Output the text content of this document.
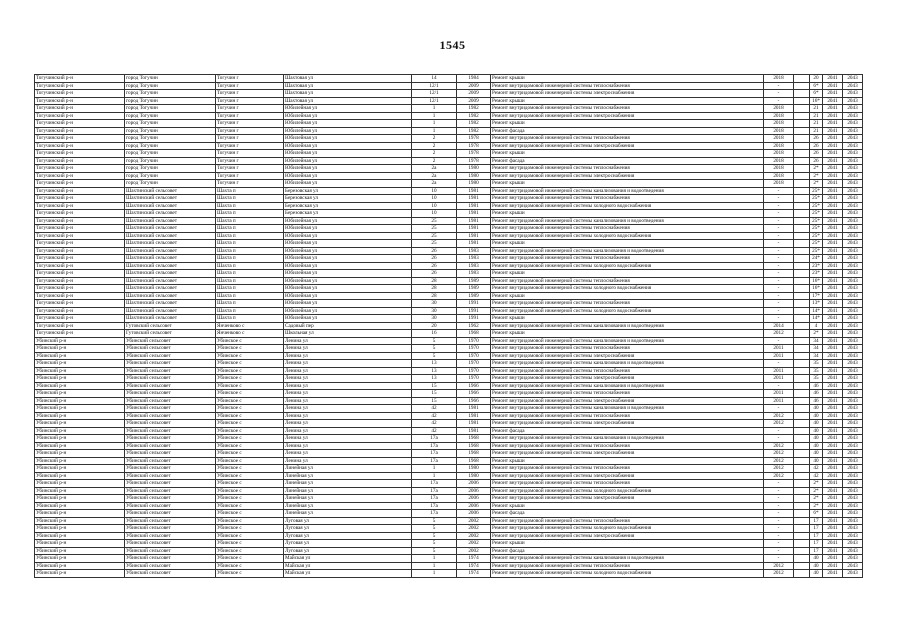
1545
Тогучинский р-н	город Тогучин	Тогучин г	Шахтовая ул	14	1984	Ремонт крыши	2018		20	2041	2043
Тогучинский р-н	город Тогучин	Тогучин г	Шахтовая ул	12/1	2009	Ремонт внутридомовой инженерной системы теплоснабжения	-		6*	2041	2043
Тогучинский р-н	город Тогучин	Тогучин г	Шахтовая ул	12/1	2009	Ремонт внутридомовой инженерной системы электроснабжения	-		6*	2041	2043
Тогучинский р-н	город Тогучин	Тогучин г	Шахтовая ул	12/1	2009	Ремонт крыши	-		16*	2041	2043
Тогучинский р-н	город Тогучин	Тогучин г	Юбилейная ул	1	1982	Ремонт внутридомовой инженерной системы теплоснабжения	2018		21	2041	2043
Тогучинский р-н	город Тогучин	Тогучин г	Юбилейная ул	1	1982	Ремонт внутридомовой инженерной системы электроснабжения	2018		21	2041	2043
Тогучинский р-н	город Тогучин	Тогучин г	Юбилейная ул	1	1982	Ремонт крыши	2018		21	2041	2043
Тогучинский р-н	город Тогучин	Тогучин г	Юбилейная ул	1	1982	Ремонт фасада	2018		21	2041	2043
Тогучинский р-н	город Тогучин	Тогучин г	Юбилейная ул	2	1978	Ремонт внутридомовой инженерной системы теплоснабжения	2018		26	2041	2043
Тогучинский р-н	город Тогучин	Тогучин г	Юбилейная ул	2	1978	Ремонт внутридомовой инженерной системы электроснабжения	2018		26	2041	2043
Тогучинский р-н	город Тогучин	Тогучин г	Юбилейная ул	2	1978	Ремонт крыши	2018		26	2041	2043
Тогучинский р-н	город Тогучин	Тогучин г	Юбилейная ул	2	1978	Ремонт фасада	2018		26	2041	2043
Тогучинский р-н	город Тогучин	Тогучин г	Юбилейная ул	2а	1980	Ремонт внутридомовой инженерной системы теплоснабжения	2018		2*	2041	2043
Тогучинский р-н	город Тогучин	Тогучин г	Юбилейная ул	2а	1980	Ремонт внутридомовой инженерной системы электроснабжения	2018		2*	2041	2043
Тогучинский р-н	город Тогучин	Тогучин г	Юбилейная ул	2а	1980	Ремонт крыши	2018		2*	2041	2043
Тогучинский р-н	Шахтинский сельсовет	Шахта п	Березовская ул	10	1981	Ремонт внутридомовой инженерной системы канализования и водоотведения	-		25*	2041	2043
Тогучинский р-н	Шахтинский сельсовет	Шахта п	Березовская ул	10	1981	Ремонт внутридомовой инженерной системы теплоснабжения	-		25*	2041	2043
Тогучинский р-н	Шахтинский сельсовет	Шахта п	Березовская ул	10	1981	Ремонт внутридомовой инженерной системы холодного водоснабжения	-		25*	2041	2043
Тогучинский р-н	Шахтинский сельсовет	Шахта п	Березовская ул	10	1981	Ремонт крыши	-		25*	2041	2043
Тогучинский р-н	Шахтинский сельсовет	Шахта п	Юбилейная ул	25	1981	Ремонт внутридомовой инженерной системы канализования и водоотведения	-		25*	2041	2043
Тогучинский р-н	Шахтинский сельсовет	Шахта п	Юбилейная ул	25	1981	Ремонт внутридомовой инженерной системы теплоснабжения	-		25*	2041	2043
Тогучинский р-н	Шахтинский сельсовет	Шахта п	Юбилейная ул	25	1981	Ремонт внутридомовой инженерной системы холодного водоснабжения	-		25*	2041	2043
Тогучинский р-н	Шахтинский сельсовет	Шахта п	Юбилейная ул	25	1981	Ремонт крыши	-		25*	2041	2043
Тогучинский р-н	Шахтинский сельсовет	Шахта п	Юбилейная ул	26	1983	Ремонт внутридомовой инженерной системы канализования и водоотведения	-		25*	2041	2043
Тогучинский р-н	Шахтинский сельсовет	Шахта п	Юбилейная ул	26	1983	Ремонт внутридомовой инженерной системы теплоснабжения	-		24*	2041	2043
Тогучинский р-н	Шахтинский сельсовет	Шахта п	Юбилейная ул	26	1983	Ремонт внутридомовой инженерной системы холодного водоснабжения	-		23*	2041	2043
Тогучинский р-н	Шахтинский сельсовет	Шахта п	Юбилейная ул	26	1983	Ремонт крыши	-		23*	2041	2043
Тогучинский р-н	Шахтинский сельсовет	Шахта п	Юбилейная ул	28	1989	Ремонт внутридомовой инженерной системы теплоснабжения	-		16*	2041	2043
Тогучинский р-н	Шахтинский сельсовет	Шахта п	Юбилейная ул	28	1989	Ремонт внутридомовой инженерной системы холодного водоснабжения	-		16*	2041	2043
Тогучинский р-н	Шахтинский сельсовет	Шахта п	Юбилейная ул	28	1989	Ремонт крыши	-		17*	2041	2043
Тогучинский р-н	Шахтинский сельсовет	Шахта п	Юбилейная ул	30	1991	Ремонт внутридомовой инженерной системы теплоснабжения	-		13*	2041	2043
Тогучинский р-н	Шахтинский сельсовет	Шахта п	Юбилейная ул	30	1991	Ремонт внутридомовой инженерной системы холодного водоснабжения	-		14*	2041	2043
Тогучинский р-н	Шахтинский сельсовет	Шахта п	Юбилейная ул	30	1991	Ремонт крыши	-		14*	2041	2043
Тогучинский р-н	Гутовский сельсовет	Янченково с	Садовый пер	20	1962	Ремонт внутридомовой инженерной системы канализования и водоотведения	2014		4	2041	2043
Тогучинский р-н	Гутовский сельсовет	Янченково с	Школьная ул	16	1968	Ремонт крыши	2012		2*	2041	2043
Убинский р-н	Убинский сельсовет	Убинское с	Ленина ул	5	1970	Ремонт внутридомовой инженерной системы канализования и водоотведения	-		34	2041	2043
Убинский р-н	Убинский сельсовет	Убинское с	Ленина ул	5	1970	Ремонт внутридомовой инженерной системы теплоснабжения	2011		34	2041	2043
Убинский р-н	Убинский сельсовет	Убинское с	Ленина ул	5	1970	Ремонт внутридомовой инженерной системы электроснабжения	2011		34	2041	2043
Убинский р-н	Убинский сельсовет	Убинское с	Ленина ул	13	1970	Ремонт внутридомовой инженерной системы канализования и водоотведения	-		35	2041	2043
Убинский р-н	Убинский сельсовет	Убинское с	Ленина ул	13	1970	Ремонт внутридомовой инженерной системы теплоснабжения	2011		35	2041	2043
Убинский р-н	Убинский сельсовет	Убинское с	Ленина ул	13	1970	Ремонт внутридомовой инженерной системы электроснабжения	2011		35	2041	2043
Убинский р-н	Убинский сельсовет	Убинское с	Ленина ул	15	1966	Ремонт внутридомовой инженерной системы канализования и водоотведения	-		46	2041	2043
Убинский р-н	Убинский сельсовет	Убинское с	Ленина ул	15	1966	Ремонт внутридомовой инженерной системы теплоснабжения	2011		46	2041	2043
Убинский р-н	Убинский сельсовет	Убинское с	Ленина ул	15	1966	Ремонт внутридомовой инженерной системы электроснабжения	2011		46	2041	2043
Убинский р-н	Убинский сельсовет	Убинское с	Ленина ул	42	1981	Ремонт внутридомовой инженерной системы канализования и водоотведения	-		40	2041	2043
Убинский р-н	Убинский сельсовет	Убинское с	Ленина ул	42	1981	Ремонт внутридомовой инженерной системы теплоснабжения	2012		40	2041	2043
Убинский р-н	Убинский сельсовет	Убинское с	Ленина ул	42	1981	Ремонт внутридомовой инженерной системы электроснабжения	2012		40	2041	2043
Убинский р-н	Убинский сельсовет	Убинское с	Ленина ул	42	1981	Ремонт фасада	-		40	2041	2043
Убинский р-н	Убинский сельсовет	Убинское с	Ленина ул	17а	1968	Ремонт внутридомовой инженерной системы канализования и водоотведения	-		40	2041	2043
Убинский р-н	Убинский сельсовет	Убинское с	Ленина ул	17а	1968	Ремонт внутридомовой инженерной системы теплоснабжения	2012		40	2041	2043
Убинский р-н	Убинский сельсовет	Убинское с	Ленина ул	17а	1968	Ремонт внутридомовой инженерной системы электроснабжения	2012		40	2041	2043
Убинский р-н	Убинский сельсовет	Убинское с	Ленина ул	17а	1968	Ремонт крыши	2012		40	2041	2043
Убинский р-н	Убинский сельсовет	Убинское с	Линейная ул	1	1980	Ремонт внутридомовой инженерной системы теплоснабжения	2012		42	2041	2043
Убинский р-н	Убинский сельсовет	Убинское с	Линейная ул	1	1980	Ремонт внутридомовой инженерной системы электроснабжения	2012		42	2041	2043
Убинский р-н	Убинский сельсовет	Убинское с	Линейная ул	17а	2006	Ремонт внутридомовой инженерной системы теплоснабжения	-		2*	2041	2043
Убинский р-н	Убинский сельсовет	Убинское с	Линейная ул	17а	2006	Ремонт внутридомовой инженерной системы холодного водоснабжения	-		2*	2041	2043
Убинский р-н	Убинский сельсовет	Убинское с	Линейная ул	17а	2006	Ремонт внутридомовой инженерной системы электроснабжения	-		2*	2041	2043
Убинский р-н	Убинский сельсовет	Убинское с	Линейная ул	17а	2006	Ремонт крыши	-		2*	2041	2043
Убинский р-н	Убинский сельсовет	Убинское с	Линейная ул	17а	2006	Ремонт фасада	-		6*	2041	2043
Убинский р-н	Убинский сельсовет	Убинское с	Луговая ул	5	2002	Ремонт внутридомовой инженерной системы теплоснабжения	-		17	2041	2043
Убинский р-н	Убинский сельсовет	Убинское с	Луговая ул	5	2002	Ремонт внутридомовой инженерной системы холодного водоснабжения	-		17	2041	2043
Убинский р-н	Убинский сельсовет	Убинское с	Луговая ул	5	2002	Ремонт внутридомовой инженерной системы электроснабжения	-		17	2041	2043
Убинский р-н	Убинский сельсовет	Убинское с	Луговая ул	5	2002	Ремонт крыши	-		17	2041	2043
Убинский р-н	Убинский сельсовет	Убинское с	Луговая ул	5	2002	Ремонт фасада	-		17	2041	2043
Убинский р-н	Убинский сельсовет	Убинское с	Майская ул	1	1974	Ремонт внутридомовой инженерной системы канализования и водоотведения	-		40	2041	2043
Убинский р-н	Убинский сельсовет	Убинское с	Майская ул	1	1974	Ремонт внутридомовой инженерной системы теплоснабжения	2012		40	2041	2043
Убинский р-н	Убинский сельсовет	Убинское с	Майская ул	1	1974	Ремонт внутридомовой инженерной системы холодного водоснабжения	2012		40	2041	2043
